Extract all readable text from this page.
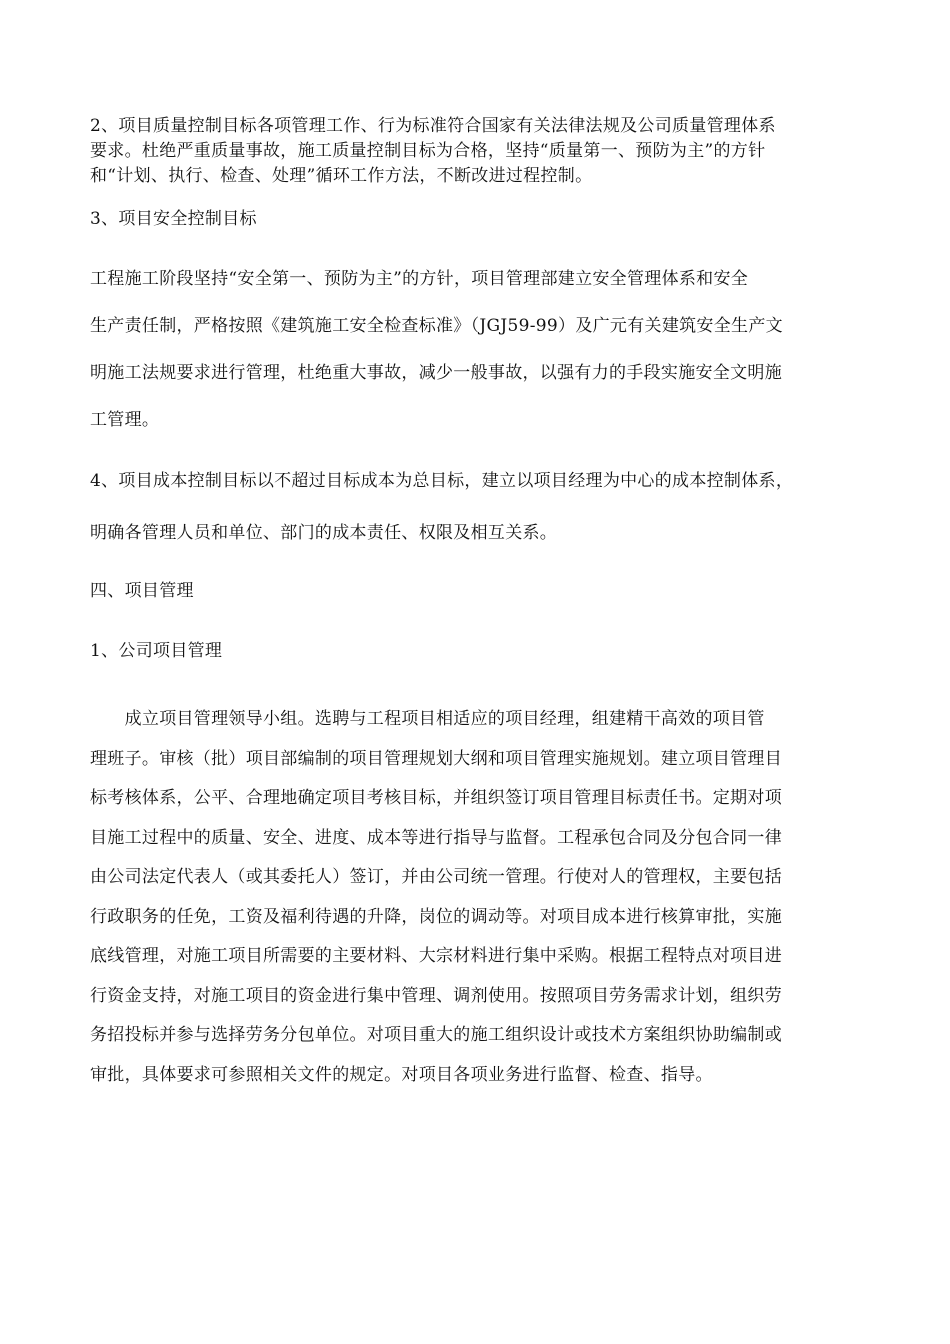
2、项目质量控制目标各项管理工作、行为标准符合国家有关法律法规及公司质量管理体系
要求。杜绝严重质量事故，施工质量控制目标为合格，坚持“质量第一、预防为主”的方针
和“计划、执行、检查、处理”循环工作方法，不断改进过程控制。
3、项目安全控制目标
工程施工阶段坚持“安全第一、预防为主”的方针，项目管理部建立安全管理体系和安全
生产责任制，严格按照《建筑施工安全检查标准》（JGJ59-99）及广元有关建筑安全生产文
明施工法规要求进行管理，杜绝重大事故，减少一般事故，以强有力的手段实施安全文明施
工管理。
4、项目成本控制目标以不超过目标成本为总目标，建立以项目经理为中心的成本控制体系，
明确各管理人员和单位、部门的成本责任、权限及相互关系。
四、项目管理
1、公司项目管理
　　成立项目管理领导小组。选聘与工程项目相适应的项目经理，组建精干高效的项目管
理班子。审核（批）项目部编制的项目管理规划大纲和项目管理实施规划。建立项目管理目
标考核体系，公平、合理地确定项目考核目标，并组织签订项目管理目标责任书。定期对项
目施工过程中的质量、安全、进度、成本等进行指导与监督。工程承包合同及分包合同一律
由公司法定代表人（或其委托人）签订，并由公司统一管理。行使对人的管理权，主要包括
行政职务的任免，工资及福利待遇的升降，岗位的调动等。对项目成本进行核算审批，实施
底线管理，对施工项目所需要的主要材料、大宗材料进行集中采购。根据工程特点对项目进
行资金支持，对施工项目的资金进行集中管理、调剂使用。按照项目劳务需求计划，组织劳
务招投标并参与选择劳务分包单位。对项目重大的施工组织设计或技术方案组织协助编制或
审批，具体要求可参照相关文件的规定。对项目各项业务进行监督、检查、指导。
